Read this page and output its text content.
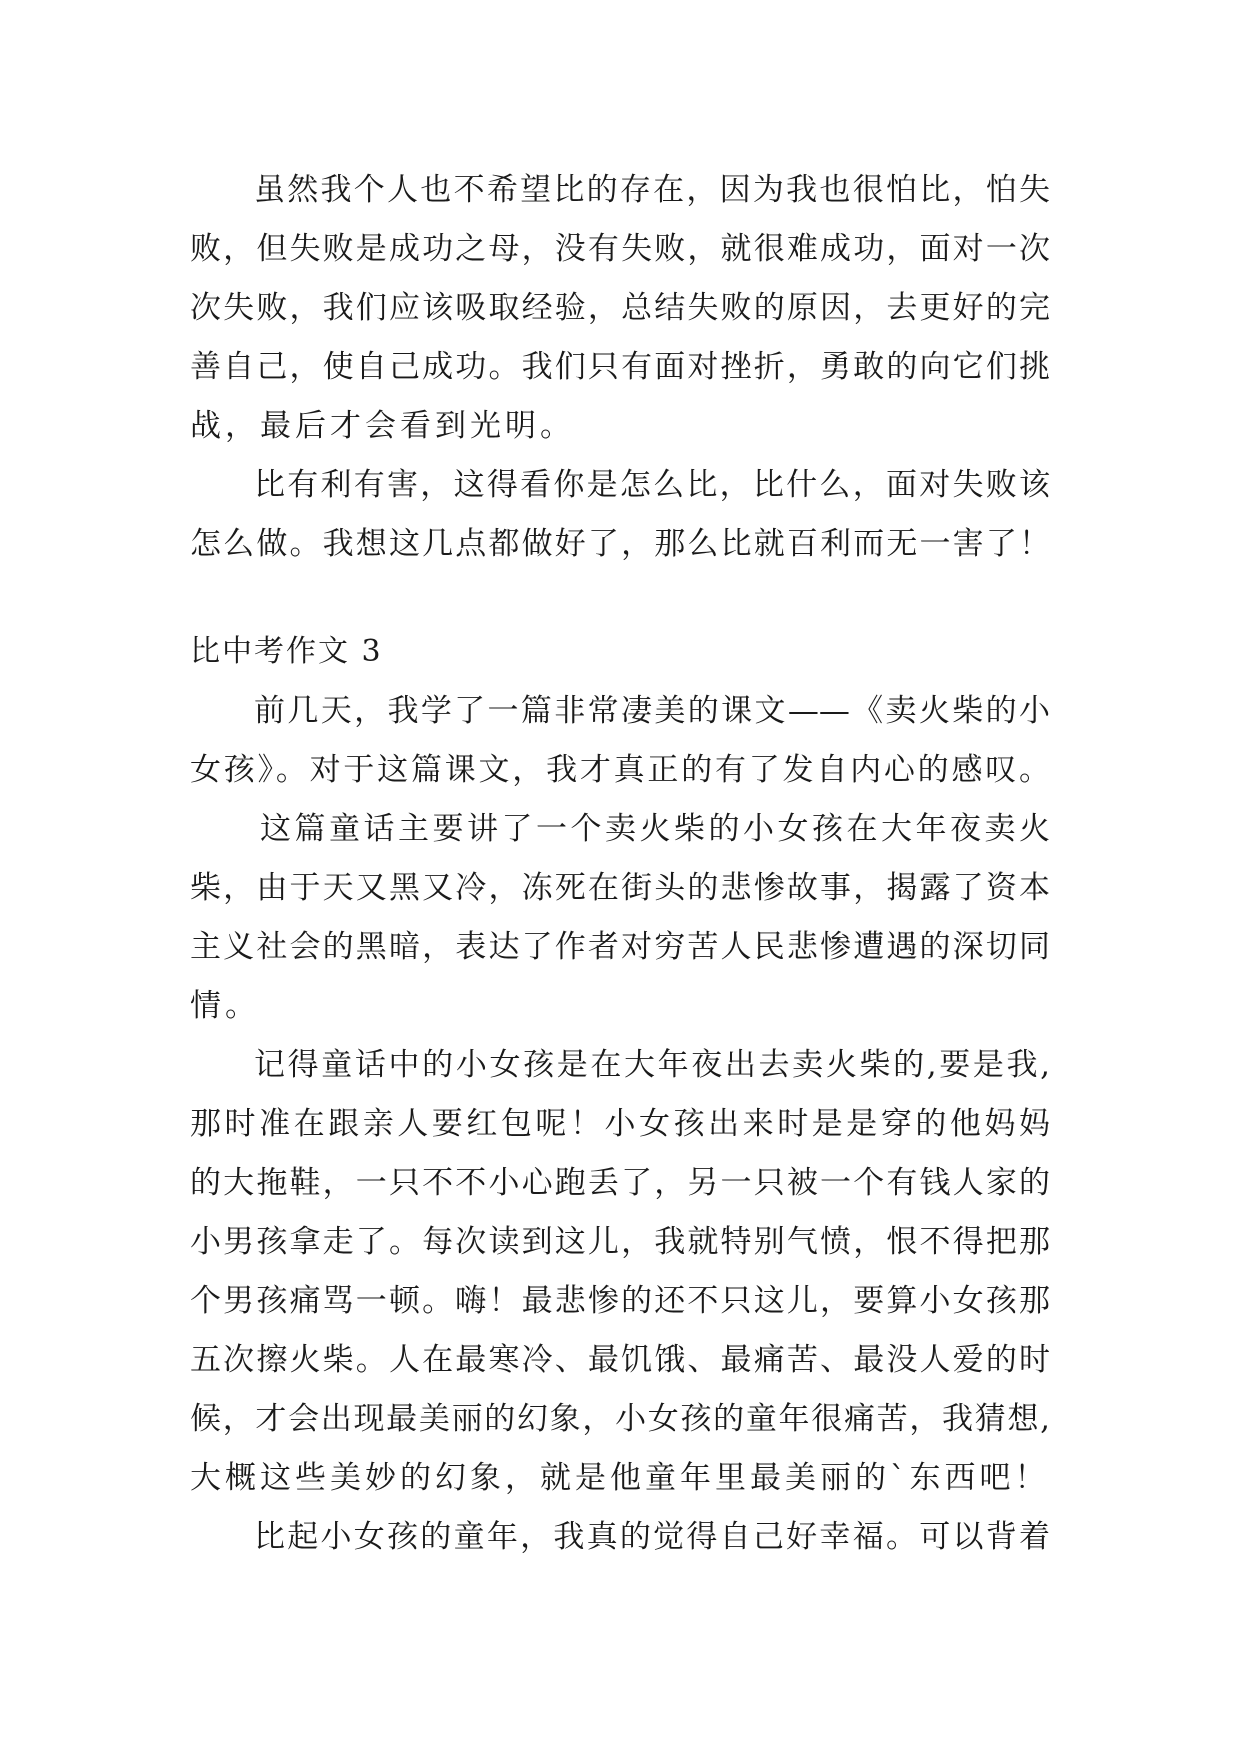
虽然我个人也不希望比的存在，因为我也很怕比，怕失
败，但失败是成功之母，没有失败，就很难成功，面对一次
次失败，我们应该吸取经验，总结失败的原因，去更好的完
善自己，使自己成功。我们只有面对挫折，勇敢的向它们挑
战，最后才会看到光明。
比有利有害，这得看你是怎么比，比什么，面对失败该
怎么做。我想这几点都做好了，那么比就百利而无一害了！
比中考作文 3
前几天，我学了一篇非常凄美的课文——《卖火柴的小
女孩》。对于这篇课文，我才真正的有了发自内心的感叹。
这篇童话主要讲了一个卖火柴的小女孩在大年夜卖火
柴，由于天又黑又冷，冻死在街头的悲惨故事，揭露了资本
主义社会的黑暗，表达了作者对穷苦人民悲惨遭遇的深切同
情。
记得童话中的小女孩是在大年夜出去卖火柴的,要是我,
那时准在跟亲人要红包呢！小女孩出来时是是穿的他妈妈
的大拖鞋，一只不不小心跑丢了，另一只被一个有钱人家的
小男孩拿走了。每次读到这儿，我就特别气愤，恨不得把那
个男孩痛骂一顿。嗨！最悲惨的还不只这儿，要算小女孩那
五次擦火柴。人在最寒冷、最饥饿、最痛苦、最没人爱的时
候，才会出现最美丽的幻象，小女孩的童年很痛苦，我猜想,
大概这些美妙的幻象，就是他童年里最美丽的`东西吧！
比起小女孩的童年，我真的觉得自己好幸福。可以背着
